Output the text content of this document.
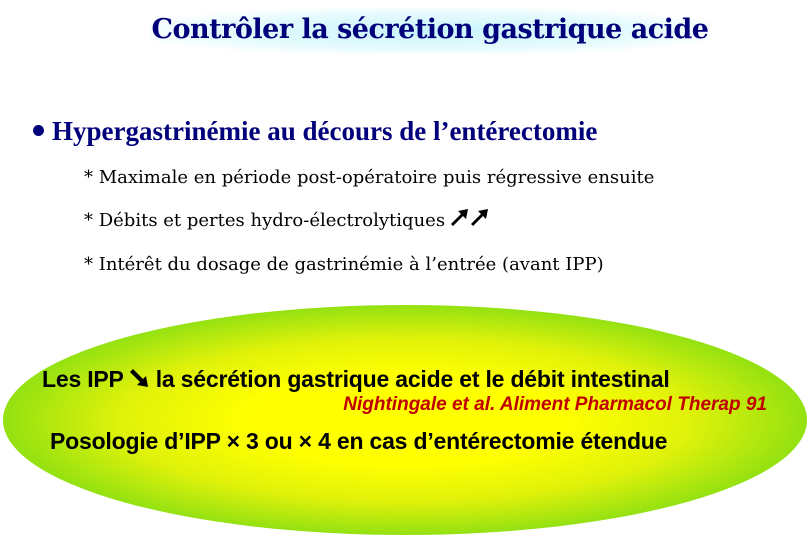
Contrôler la sécrétion gastrique acide

Hypergastrinémie au décours de l’entérectomie

* Maximale en période post-opératoire puis régressive ensuite

* Débits et pertes hydro-électrolytiques

* Intérêt du dosage de gastrinémie à l’entrée (avant IPP)

Les IPP la sécrétion gastrique acide et le débit intestinal

Nightingale et al. Aliment Pharmacol Therap 91

Posologie d’IPP × 3 ou × 4 en cas d’entérectomie étendue
